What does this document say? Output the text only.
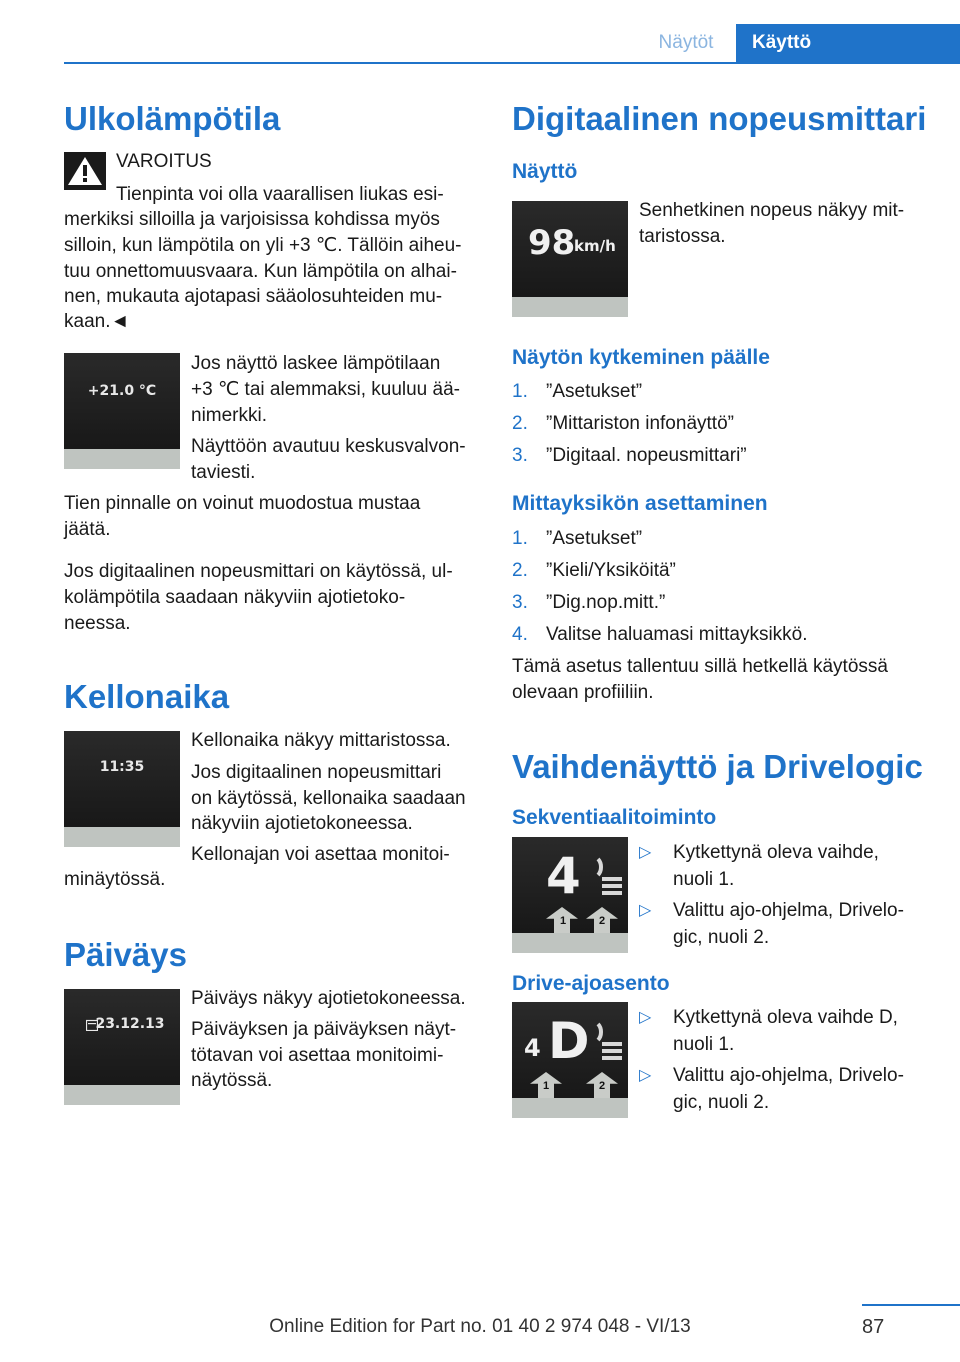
Näytöt	Käyttö
Ulkolämpötila

VAROITUS

Tienpinta voi olla vaarallisen liukas esi-

merkiksi silloilla ja varjoisissa kohdissa myös

silloin, kun lämpötila on yli +3 ℃. Tällöin aiheu-

tuu onnettomuusvaara. Kun lämpötila on alhai-

nen, mukauta ajotapasi sääolosuhteiden mu-

kaan.◄

+21.0 °C

Jos näyttö laskee lämpötilaan

+3 ℃ tai alemmaksi, kuuluu ää-

nimerkki.

Näyttöön avautuu keskusvalvon-

taviesti.

Tien pinnalle on voinut muodostua mustaa

jäätä.

Jos digitaalinen nopeusmittari on käytössä, ul-

kolämpötila saadaan näkyviin ajotietoko-

neessa.

Kellonaika
11:35

Kellonaika näkyy mittaristossa.

Jos digitaalinen nopeusmittari

on käytössä, kellonaika saadaan

näkyviin ajotietokoneessa.

Kellonajan voi asettaa monitoi-

minäytössä.

Päiväys
23.12.13

Päiväys näkyy ajotietokoneessa.

Päiväyksen ja päiväyksen näyt-

tötavan voi asettaa monitoimi-

näytössä.

Digitaalinen nopeusmittari
Näyttö
98
km/h

Senhetkinen nopeus näkyy mit-

taristossa.

Näytön kytkeminen päälle
1. ”Asetukset”
2. ”Mittariston infonäyttö”
3. ”Digitaal. nopeusmittari”
Mittayksikön asettaminen
1. ”Asetukset”
2. ”Kieli/Yksiköitä”
3. ”Dig.nop.mitt.”
4. Valitse haluamasi mittayksikkö.

Tämä asetus tallentuu sillä hetkellä käytössä

olevaan profiiliin.

Vaihdenäyttö ja Drivelogic
Sekventiaalitoiminto
4
1	2
▷ Kytkettynä oleva vaihde,
nuoli 1.
▷ Valittu ajo-ohjelma, Drivelo-
gic, nuoli 2.
Drive-ajoasento
4 D
1	2
▷ Kytkettynä oleva vaihde D,
nuoli 1.
▷ Valittu ajo-ohjelma, Drivelo-
gic, nuoli 2.
87
Online Edition for Part no. 01 40 2 974 048 - VI/13
